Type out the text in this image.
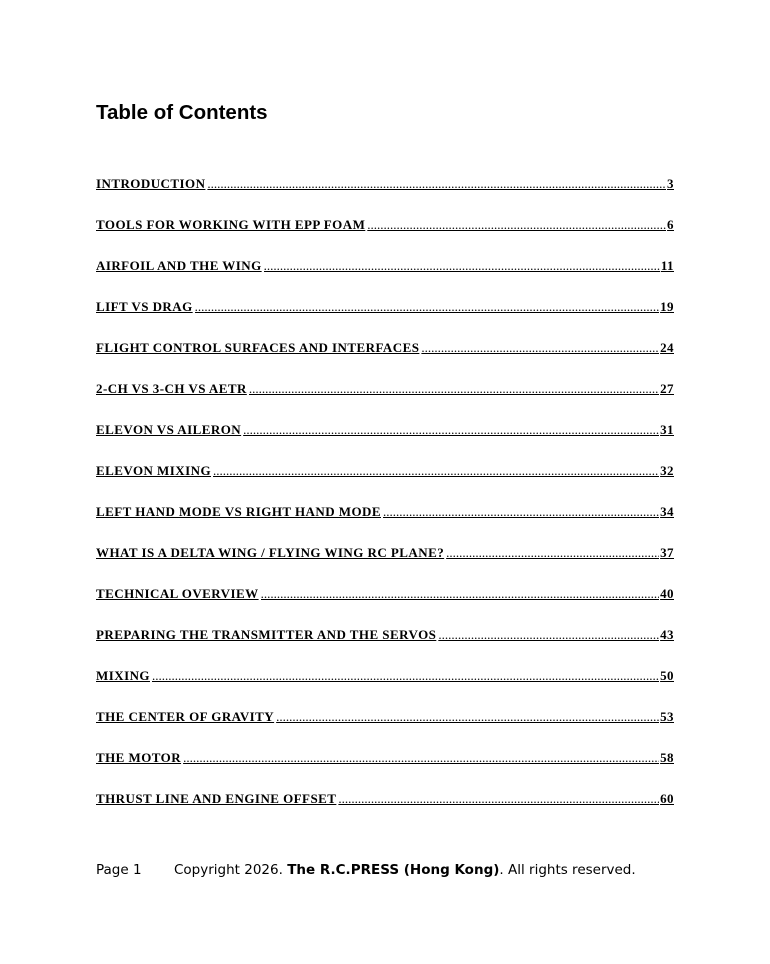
Table of Contents
INTRODUCTION .....	3
TOOLS FOR WORKING WITH EPP FOAM .....	6
AIRFOIL AND THE WING .....	11
LIFT VS DRAG .....	19
FLIGHT CONTROL SURFACES AND INTERFACES .....	24
2-CH VS 3-CH VS AETR .....	27
ELEVON VS AILERON .....	31
ELEVON MIXING .....	32
LEFT HAND MODE VS RIGHT HAND MODE .....	34
WHAT IS A DELTA WING / FLYING WING RC PLANE? .....	37
TECHNICAL OVERVIEW .....	40
PREPARING THE TRANSMITTER AND THE SERVOS .....	43
MIXING .....	50
THE CENTER OF GRAVITY .....	53
THE MOTOR .....	58
THRUST LINE AND ENGINE OFFSET .....	60
Page 1 Copyright 2026. The R.C.PRESS (Hong Kong). All rights reserved.
